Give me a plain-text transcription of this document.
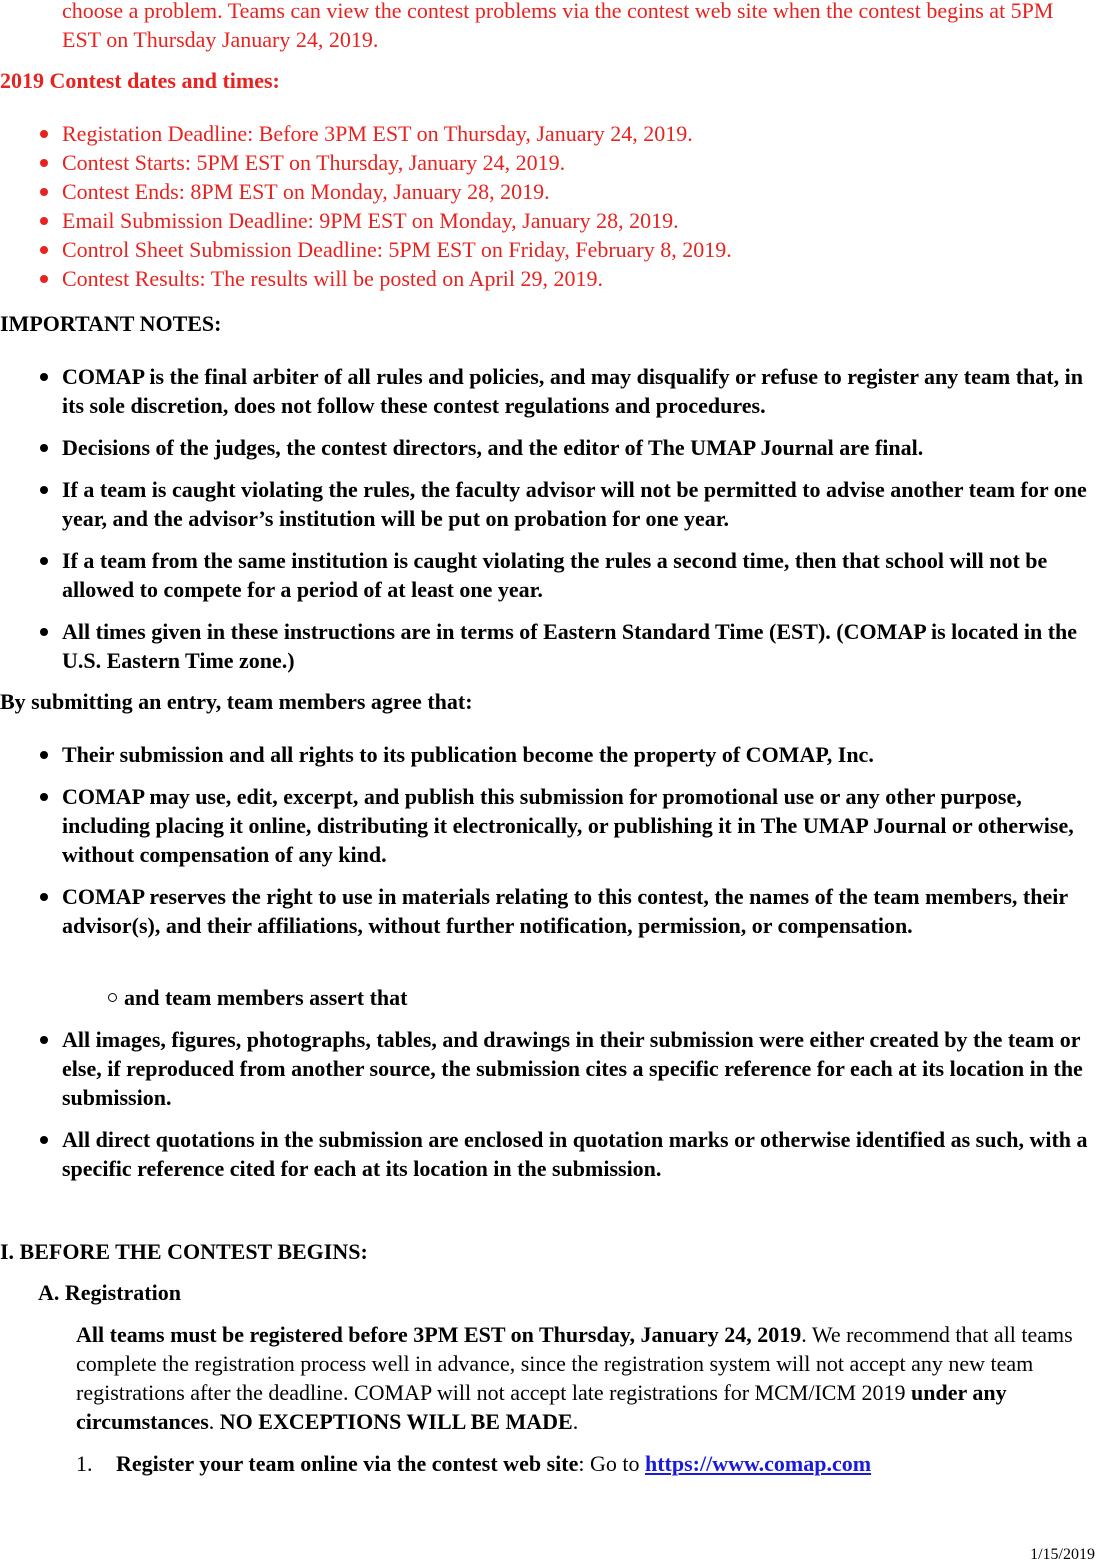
choose a problem. Teams can view the contest problems via the contest web site when the contest begins at 5PM EST on Thursday January 24, 2019.

2019 Contest dates and times:

Registation Deadline: Before 3PM EST on Thursday, January 24, 2019.
Contest Starts: 5PM EST on Thursday, January 24, 2019.
Contest Ends: 8PM EST on Monday, January 28, 2019.
Email Submission Deadline: 9PM EST on Monday, January 28, 2019.
Control Sheet Submission Deadline: 5PM EST on Friday, February 8, 2019.
Contest Results: The results will be posted on April 29, 2019.

IMPORTANT NOTES:

COMAP is the final arbiter of all rules and policies, and may disqualify or refuse to register any team that, in its sole discretion, does not follow these contest regulations and procedures.
Decisions of the judges, the contest directors, and the editor of The UMAP Journal are final.
If a team is caught violating the rules, the faculty advisor will not be permitted to advise another team for one year, and the advisor’s institution will be put on probation for one year.
If a team from the same institution is caught violating the rules a second time, then that school will not be allowed to compete for a period of at least one year.
All times given in these instructions are in terms of Eastern Standard Time (EST). (COMAP is located in the U.S. Eastern Time zone.)

By submitting an entry, team members agree that:

Their submission and all rights to its publication become the property of COMAP, Inc.
COMAP may use, edit, excerpt, and publish this submission for promotional use or any other purpose, including placing it online, distributing it electronically, or publishing it in The UMAP Journal or otherwise, without compensation of any kind.
COMAP reserves the right to use in materials relating to this contest, the names of the team members, their advisor(s), and their affiliations, without further notification, permission, or compensation.
and team members assert that
All images, figures, photographs, tables, and drawings in their submission were either created by the team or else, if reproduced from another source, the submission cites a specific reference for each at its location in the submission.
All direct quotations in the submission are enclosed in quotation marks or otherwise identified as such, with a specific reference cited for each at its location in the submission.

I. BEFORE THE CONTEST BEGINS:

A. Registration

All teams must be registered before 3PM EST on Thursday, January 24, 2019. We recommend that all teams complete the registration process well in advance, since the registration system will not accept any new team registrations after the deadline. COMAP will not accept late registrations for MCM/ICM 2019 under any circumstances. NO EXCEPTIONS WILL BE MADE.

1. Register your team online via the contest web site: Go to https://www.comap.com

1/15/2019
